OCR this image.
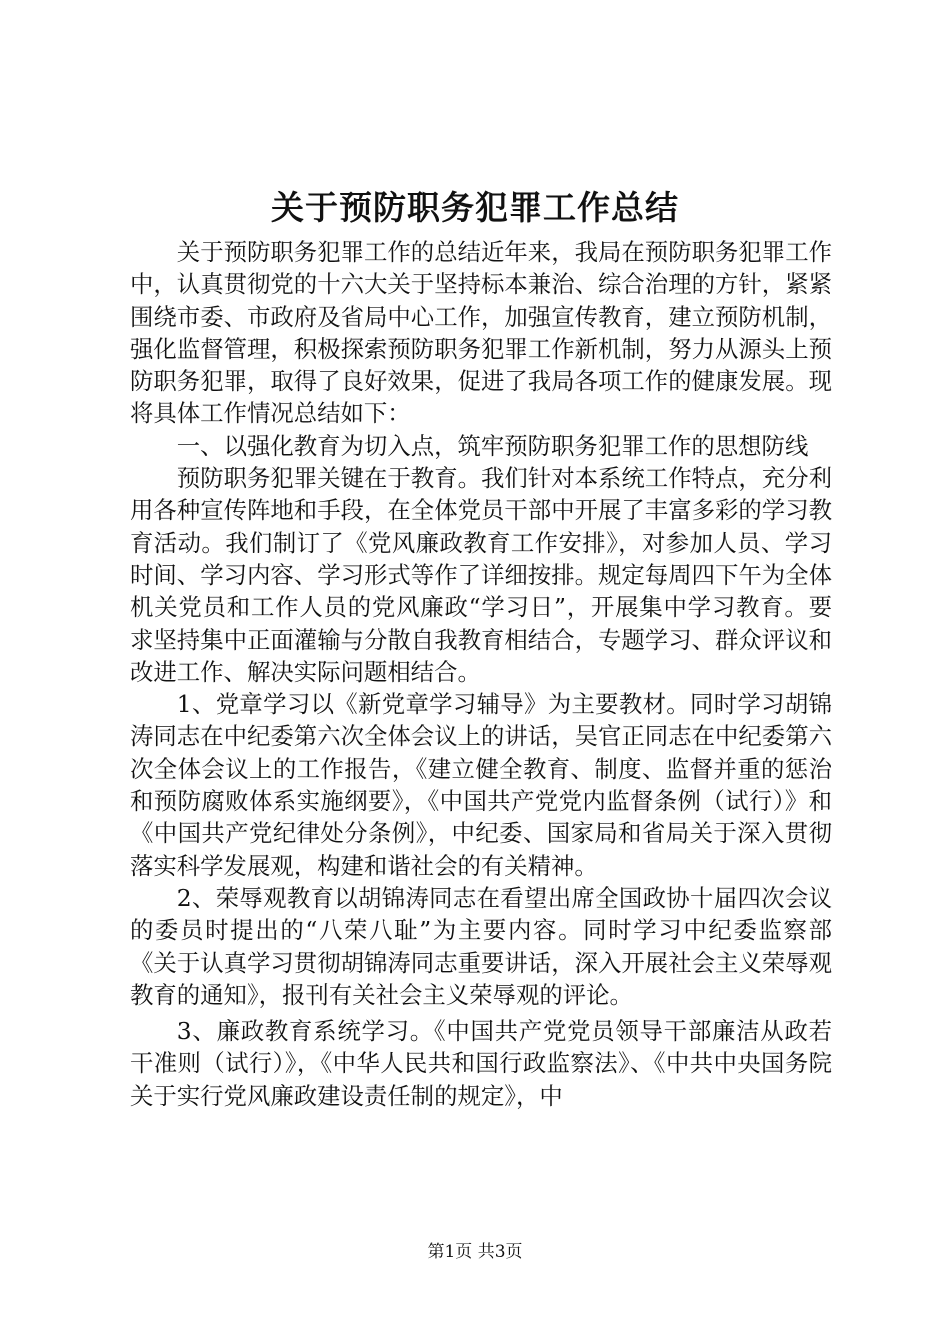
关于预防职务犯罪工作总结

关于预防职务犯罪工作的总结近年来，我局在预防职务犯罪工作中，认真贯彻党的十六大关于坚持标本兼治、综合治理的方针，紧紧围绕市委、市政府及省局中心工作，加强宣传教育，建立预防机制，强化监督管理，积极探索预防职务犯罪工作新机制，努力从源头上预防职务犯罪，取得了良好效果，促进了我局各项工作的健康发展。现将具体工作情况总结如下：

一、以强化教育为切入点，筑牢预防职务犯罪工作的思想防线

预防职务犯罪关键在于教育。我们针对本系统工作特点，充分利用各种宣传阵地和手段，在全体党员干部中开展了丰富多彩的学习教育活动。我们制订了《党风廉政教育工作安排》，对参加人员、学习时间、学习内容、学习形式等作了详细按排。规定每周四下午为全体机关党员和工作人员的党风廉政“学习日”，开展集中学习教育。要求坚持集中正面灌输与分散自我教育相结合，专题学习、群众评议和改进工作、解决实际问题相结合。

1、党章学习以《新党章学习辅导》为主要教材。同时学习胡锦涛同志在中纪委第六次全体会议上的讲话，吴官正同志在中纪委第六次全体会议上的工作报告，《建立健全教育、制度、监督并重的惩治和预防腐败体系实施纲要》，《中国共产党党内监督条例（试行）》和《中国共产党纪律处分条例》，中纪委、国家局和省局关于深入贯彻落实科学发展观，构建和谐社会的有关精神。

2、荣辱观教育以胡锦涛同志在看望出席全国政协十届四次会议的委员时提出的“八荣八耻”为主要内容。同时学习中纪委监察部《关于认真学习贯彻胡锦涛同志重要讲话，深入开展社会主义荣辱观教育的通知》，报刊有关社会主义荣辱观的评论。

3、廉政教育系统学习。《中国共产党党员领导干部廉洁从政若干准则（试行）》，《中华人民共和国行政监察法》、《中共中央国务院关于实行党风廉政建设责任制的规定》，中

第1页 共3页
